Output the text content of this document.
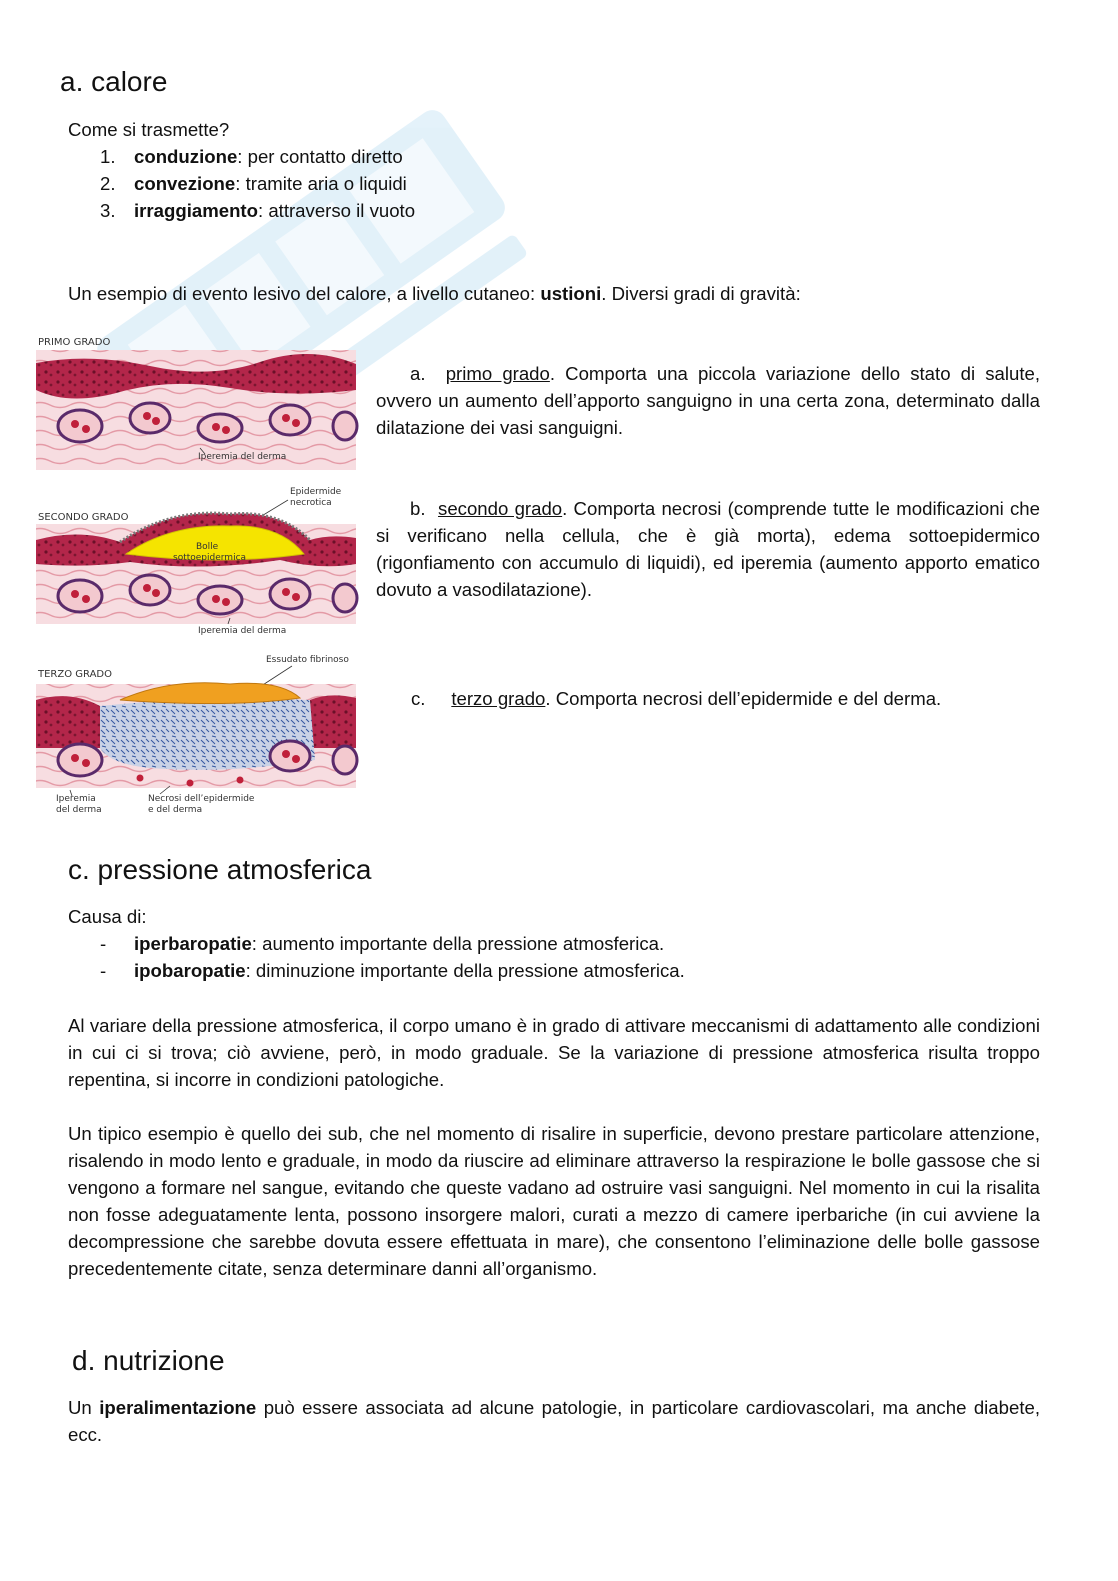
a. calore

Come si trasmette?

1. conduzione: per contatto diretto
2. convezione: tramite aria o liquidi
3. irraggiamento: attraverso il vuoto

Un esempio di evento lesivo del calore, a livello cutaneo: ustioni. Diversi gradi di gravità:

PRIMO GRADO
Iperemia del derma
SECONDO GRADO
Epidermide
necrotica
Bolle
sottoepidermica
Iperemia del derma
Essudato fibrinoso
TERZO GRADO
Iperemia
del derma
Necrosi dell’epidermide
e del derma

a. primo grado. Comporta una piccola variazione dello stato di salute, ovvero un aumento dell’apporto sanguigno in una certa zona, determinato dalla dilatazione dei vasi sanguigni.

b. secondo grado. Comporta necrosi (comprende tutte le modificazioni che si verificano nella cellula, che è già morta), edema sottoepidermico (rigonfiamento con accumulo di liquidi), ed iperemia (aumento apporto ematico dovuto a vasodilatazione).

c. terzo grado. Comporta necrosi dell’epidermide e del derma.

c. pressione atmosferica

Causa di:

- iperbaropatie: aumento importante della pressione atmosferica.
- ipobaropatie: diminuzione importante della pressione atmosferica.

Al variare della pressione atmosferica, il corpo umano è in grado di attivare meccanismi di adattamento alle condizioni in cui ci si trova; ciò avviene, però, in modo graduale. Se la variazione di pressione atmosferica risulta troppo repentina, si incorre in condizioni patologiche.

Un tipico esempio è quello dei sub, che nel momento di risalire in superficie, devono prestare particolare attenzione, risalendo in modo lento e graduale, in modo da riuscire ad eliminare attraverso la respirazione le bolle gassose che si vengono a formare nel sangue, evitando che queste vadano ad ostruire vasi sanguigni. Nel momento in cui la risalita non fosse adeguatamente lenta, possono insorgere malori, curati a mezzo di camere iperbariche (in cui avviene la decompressione che sarebbe dovuta essere effettuata in mare), che consentono l’eliminazione delle bolle gassose precedentemente citate, senza determinare danni all’organismo.

d. nutrizione

Un iperalimentazione può essere associata ad alcune patologie, in particolare cardiovascolari, ma anche diabete, ecc.
